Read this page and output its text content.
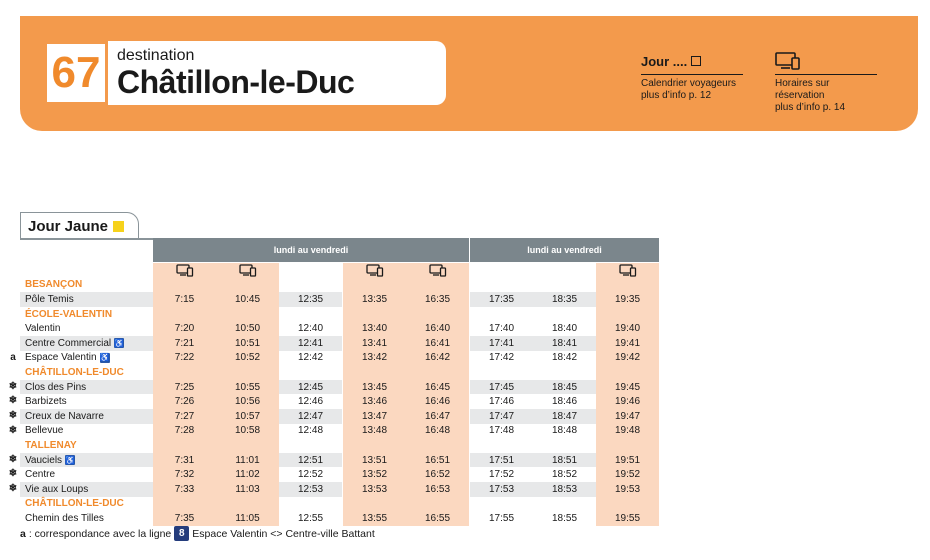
67	destination
Châtillon-le-Duc
Jour ....
Calendrier voyageurs
plus d’info p. 12
Horaires sur réservation
plus d’info p. 14
Jour Jaune
lundi au vendredi	lundi au vendredi
BESANÇON
Pôle Temis	7:15	10:45	12:35	13:35	16:35	17:35	18:35	19:35
ÉCOLE-VALENTIN
Valentin	7:20	10:50	12:40	13:40	16:40	17:40	18:40	19:40
Centre Commercial ♿	7:21	10:51	12:41	13:41	16:41	17:41	18:41	19:41
a Espace Valentin ♿	7:22	10:52	12:42	13:42	16:42	17:42	18:42	19:42
CHÂTILLON-LE-DUC
❄ Clos des Pins	7:25	10:55	12:45	13:45	16:45	17:45	18:45	19:45
❄ Barbizets	7:26	10:56	12:46	13:46	16:46	17:46	18:46	19:46
❄ Creux de Navarre	7:27	10:57	12:47	13:47	16:47	17:47	18:47	19:47
❄ Bellevue	7:28	10:58	12:48	13:48	16:48	17:48	18:48	19:48
TALLENAY
❄ Vauciels ♿	7:31	11:01	12:51	13:51	16:51	17:51	18:51	19:51
❄ Centre	7:32	11:02	12:52	13:52	16:52	17:52	18:52	19:52
❄ Vie aux Loups	7:33	11:03	12:53	13:53	16:53	17:53	18:53	19:53
CHÂTILLON-LE-DUC
Chemin des Tilles	7:35	11:05	12:55	13:55	16:55	17:55	18:55	19:55
a : correspondance avec la ligne 8 Espace Valentin <> Centre-ville Battant
